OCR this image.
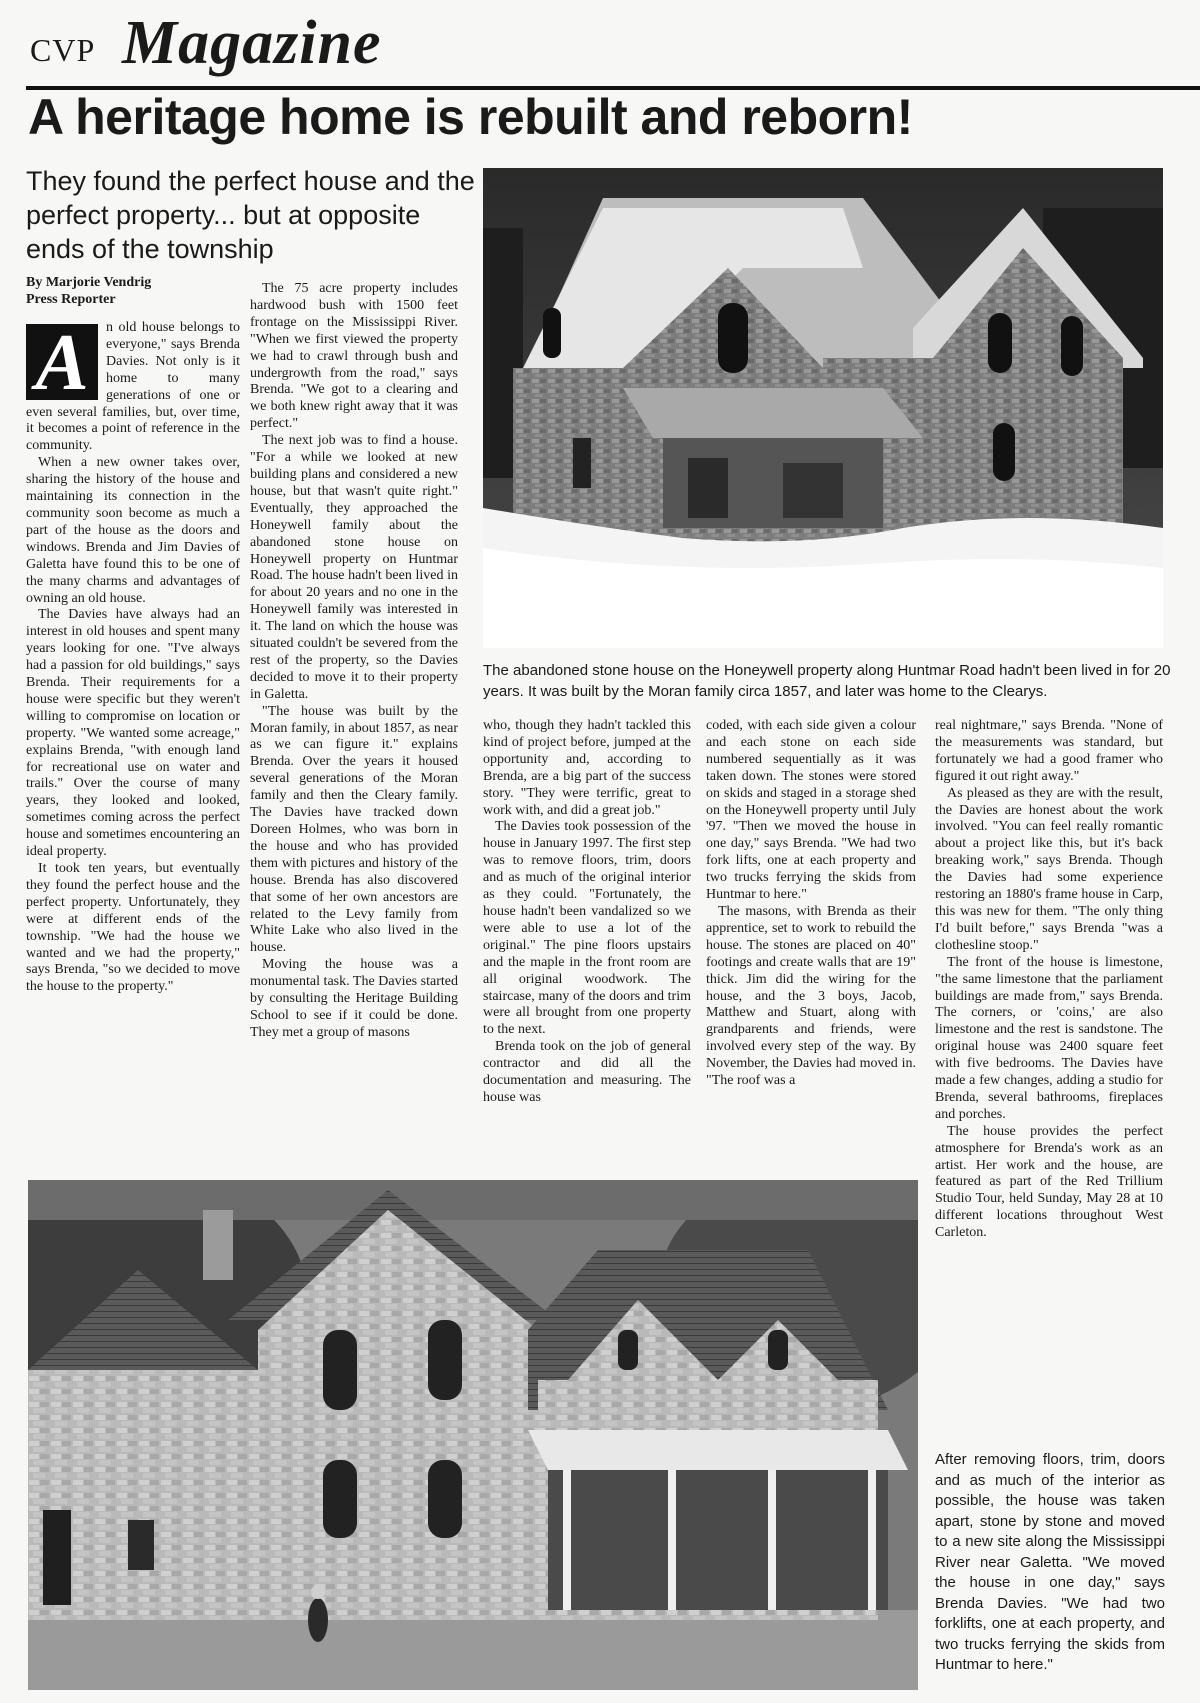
CVP Magazine
A heritage home is rebuilt and reborn!
They found the perfect house and the perfect property... but at opposite ends of the township
By Marjorie Vendrig
Press Reporter
A	n old house belongs to everyone," says Brenda Davies. Not only is it home to many generations of one or even several families, but, over time, it becomes a point of reference in the community.

When a new owner takes over, sharing the history of the house and maintaining its connection in the community soon become as much a part of the house as the doors and windows. Brenda and Jim Davies of Galetta have found this to be one of the many charms and advantages of owning an old house.

The Davies have always had an interest in old houses and spent many years looking for one. "I've always had a passion for old buildings," says Brenda. Their requirements for a house were specific but they weren't willing to compromise on location or property. "We wanted some acreage," explains Brenda, "with enough land for recreational use on water and trails." Over the course of many years, they looked and looked, sometimes coming across the perfect house and sometimes encountering an ideal property.

It took ten years, but eventually they found the perfect house and the perfect property. Unfortunately, they were at different ends of the township. "We had the house we wanted and we had the property," says Brenda, "so we decided to move the house to the property."

The 75 acre property includes hardwood bush with 1500 feet frontage on the Mississippi River. "When we first viewed the property we had to crawl through bush and undergrowth from the road," says Brenda. "We got to a clearing and we both knew right away that it was perfect."

The next job was to find a house. "For a while we looked at new building plans and considered a new house, but that wasn't quite right." Eventually, they approached the Honeywell family about the abandoned stone house on Honeywell property on Huntmar Road. The house hadn't been lived in for about 20 years and no one in the Honeywell family was interested in it. The land on which the house was situated couldn't be severed from the rest of the property, so the Davies decided to move it to their property in Galetta.

"The house was built by the Moran family, in about 1857, as near as we can figure it." explains Brenda. Over the years it housed several generations of the Moran family and then the Cleary family. The Davies have tracked down Doreen Holmes, who was born in the house and who has provided them with pictures and history of the house. Brenda has also discovered that some of her own ancestors are related to the Levy family from White Lake who also lived in the house.

Moving the house was a monumental task. The Davies started by consulting the Heritage Building School to see if it could be done. They met a group of masons

The abandoned stone house on the Honeywell property along Huntmar Road hadn't been lived in for 20 years. It was built by the Moran family circa 1857, and later was home to the Clearys.

who, though they hadn't tackled this kind of project before, jumped at the opportunity and, according to Brenda, are a big part of the success story. "They were terrific, great to work with, and did a great job."

The Davies took possession of the house in January 1997. The first step was to remove floors, trim, doors and as much of the original interior as they could. "Fortunately, the house hadn't been vandalized so we were able to use a lot of the original." The pine floors upstairs and the maple in the front room are all original woodwork. The staircase, many of the doors and trim were all brought from one property to the next.

Brenda took on the job of general contractor and did all the documentation and measuring. The house was

coded, with each side given a colour and each stone on each side numbered sequentially as it was taken down. The stones were stored on skids and staged in a storage shed on the Honeywell property until July '97. "Then we moved the house in one day," says Brenda. "We had two fork lifts, one at each property and two trucks ferrying the skids from Huntmar to here."

The masons, with Brenda as their apprentice, set to work to rebuild the house. The stones are placed on 40" footings and create walls that are 19" thick. Jim did the wiring for the house, and the 3 boys, Jacob, Matthew and Stuart, along with grandparents and friends, were involved every step of the way. By November, the Davies had moved in. "The roof was a

real nightmare," says Brenda. "None of the measurements was standard, but fortunately we had a good framer who figured it out right away."

As pleased as they are with the result, the Davies are honest about the work involved. "You can feel really romantic about a project like this, but it's back breaking work," says Brenda. Though the Davies had some experience restoring an 1880's frame house in Carp, this was new for them. "The only thing I'd built before," says Brenda "was a clothesline stoop."

The front of the house is limestone, "the same limestone that the parliament buildings are made from," says Brenda. The corners, or 'coins,' are also limestone and the rest is sandstone. The original house was 2400 square feet with five bedrooms. The Davies have made a few changes, adding a studio for Brenda, several bathrooms, fireplaces and porches.

The house provides the perfect atmosphere for Brenda's work as an artist. Her work and the house, are featured as part of the Red Trillium Studio Tour, held Sunday, May 28 at 10 different locations throughout West Carleton.

After removing floors, trim, doors and as much of the interior as possible, the house was taken apart, stone by stone and moved to a new site along the Mississippi River near Galetta. "We moved the house in one day," says Brenda Davies. "We had two forklifts, one at each property, and two trucks ferrying the skids from Huntmar to here."
